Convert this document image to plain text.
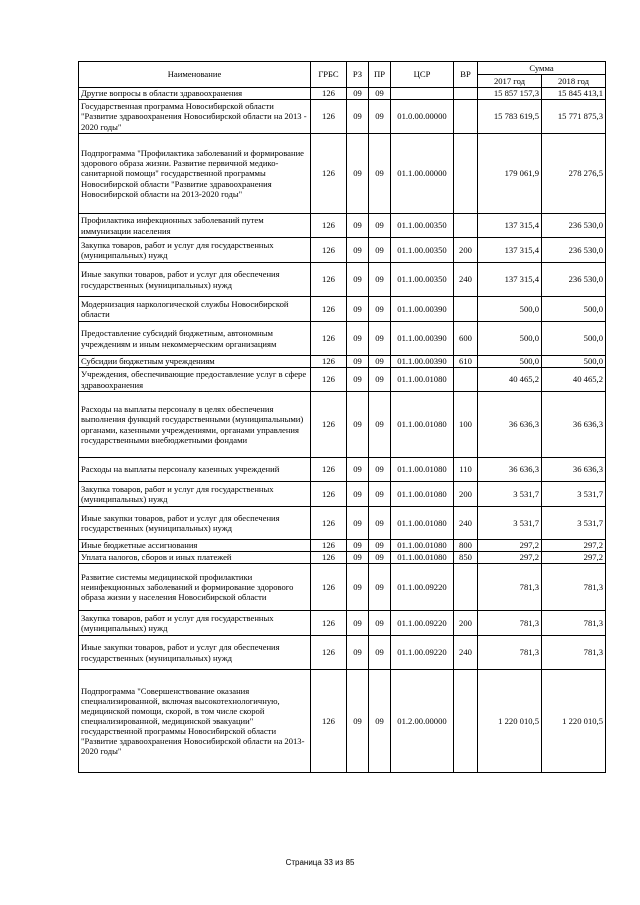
Наименование	ГРБС	РЗ	ПР	ЦСР	ВР	Сумма	
						2017 год	2018 год
Другие вопросы в области здравоохранения	126	09	09			15 857 157,3	15 845 413,1
Государственная программа Новосибирской области "Развитие здравоохранения Новосибирской области на 2013 - 2020 годы"	126	09	09	01.0.00.00000		15 783 619,5	15 771 875,3
Подпрограмма "Профилактика заболеваний и формирование здорового образа жизни. Развитие первичной медико-санитарной помощи" государственной программы Новосибирской области "Развитие здравоохранения Новосибирской области на 2013-2020 годы"	126	09	09	01.1.00.00000		179 061,9	278 276,5
Профилактика инфекционных заболеваний путем иммунизации населения	126	09	09	01.1.00.00350		137 315,4	236 530,0
Закупка товаров, работ и услуг для государственных (муниципальных) нужд	126	09	09	01.1.00.00350	200	137 315,4	236 530,0
Иные закупки товаров, работ и услуг для обеспечения государственных (муниципальных) нужд	126	09	09	01.1.00.00350	240	137 315,4	236 530,0
Модернизация наркологической службы Новосибирской области	126	09	09	01.1.00.00390		500,0	500,0
Предоставление субсидий бюджетным, автономным учреждениям и иным некоммерческим организациям	126	09	09	01.1.00.00390	600	500,0	500,0
Субсидии бюджетным учреждениям	126	09	09	01.1.00.00390	610	500,0	500,0
Учреждения, обеспечивающие предоставление услуг в сфере здравоохранения	126	09	09	01.1.00.01080		40 465,2	40 465,2
Расходы на выплаты персоналу в целях обеспечения выполнения функций государственными (муниципальными) органами, казенными учреждениями, органами управления государственными внебюджетными фондами	126	09	09	01.1.00.01080	100	36 636,3	36 636,3
Расходы на выплаты персоналу казенных учреждений	126	09	09	01.1.00.01080	110	36 636,3	36 636,3
Закупка товаров, работ и услуг для государственных (муниципальных) нужд	126	09	09	01.1.00.01080	200	3 531,7	3 531,7
Иные закупки товаров, работ и услуг для обеспечения государственных (муниципальных) нужд	126	09	09	01.1.00.01080	240	3 531,7	3 531,7
Иные бюджетные ассигнования	126	09	09	01.1.00.01080	800	297,2	297,2
Уплата налогов, сборов и иных платежей	126	09	09	01.1.00.01080	850	297,2	297,2
Развитие системы медицинской профилактики неинфекционных заболеваний и формирование здорового образа жизни у населения Новосибирской области	126	09	09	01.1.00.09220		781,3	781,3
Закупка товаров, работ и услуг для государственных (муниципальных) нужд	126	09	09	01.1.00.09220	200	781,3	781,3
Иные закупки товаров, работ и услуг для обеспечения государственных (муниципальных) нужд	126	09	09	01.1.00.09220	240	781,3	781,3
Подпрограмма "Совершенствование оказания специализированной, включая высокотехнологичную, медицинской помощи, скорой, в том числе скорой специализированной, медицинской эвакуации" государственной программы Новосибирской области "Развитие здравоохранения Новосибирской области на 2013-2020 годы"	126	09	09	01.2.00.00000		1 220 010,5	1 220 010,5
Страница 33 из 85
